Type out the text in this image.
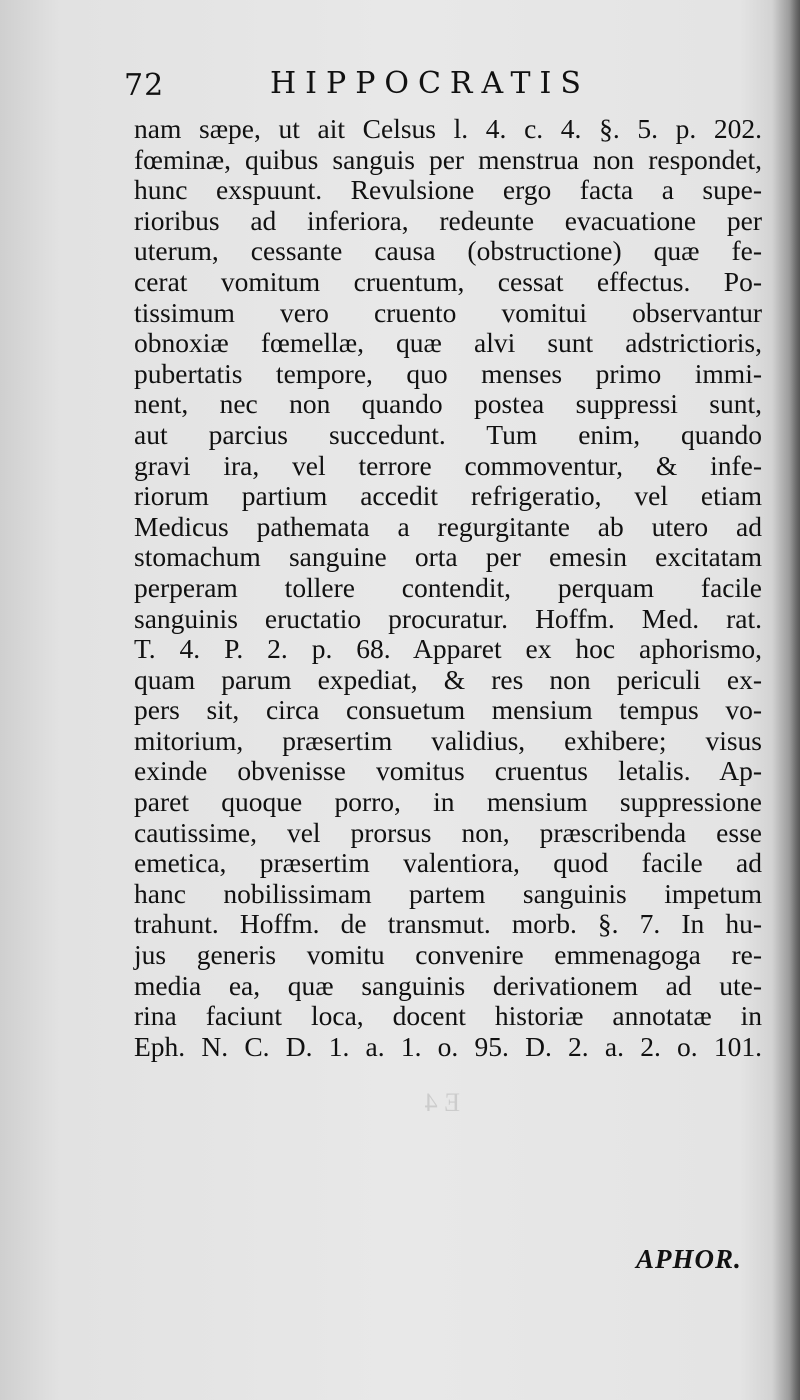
72	HIPPOCRATIS
nam sæpe, ut ait Celsus l. 4. c. 4. §. 5. p. 202.
fœminæ, quibus sanguis per menstrua non respondet,
hunc exspuunt. Revulsione ergo facta a supe-
rioribus ad inferiora, redeunte evacuatione per
uterum, cessante causa (obstructione) quæ fe-
cerat vomitum cruentum, cessat effectus. Po-
tissimum vero cruento vomitui observantur
obnoxiæ fœmellæ, quæ alvi sunt adstrictioris,
pubertatis tempore, quo menses primo immi-
nent, nec non quando postea suppressi sunt,
aut parcius succedunt. Tum enim, quando
gravi ira, vel terrore commoventur, & infe-
riorum partium accedit refrigeratio, vel etiam
Medicus pathemata a regurgitante ab utero ad
stomachum sanguine orta per emesin excitatam
perperam tollere contendit, perquam facile
sanguinis eructatio procuratur. Hoffm. Med. rat.
T. 4. P. 2. p. 68. Apparet ex hoc aphorismo,
quam parum expediat, & res non periculi ex-
pers sit, circa consuetum mensium tempus vo-
mitorium, præsertim validius, exhibere; visus
exinde obvenisse vomitus cruentus letalis. Ap-
paret quoque porro, in mensium suppressione
cautissime, vel prorsus non, præscribenda esse
emetica, præsertim valentiora, quod facile ad
hanc nobilissimam partem sanguinis impetum
trahunt. Hoffm. de transmut. morb. §. 7. In hu-
jus generis vomitu convenire emmenagoga re-
media ea, quæ sanguinis derivationem ad ute-
rina faciunt loca, docent historiæ annotatæ in
Eph. N. C. D. 1. a. 1. o. 95. D. 2. a. 2. o. 101.
E 4
APHOR.
